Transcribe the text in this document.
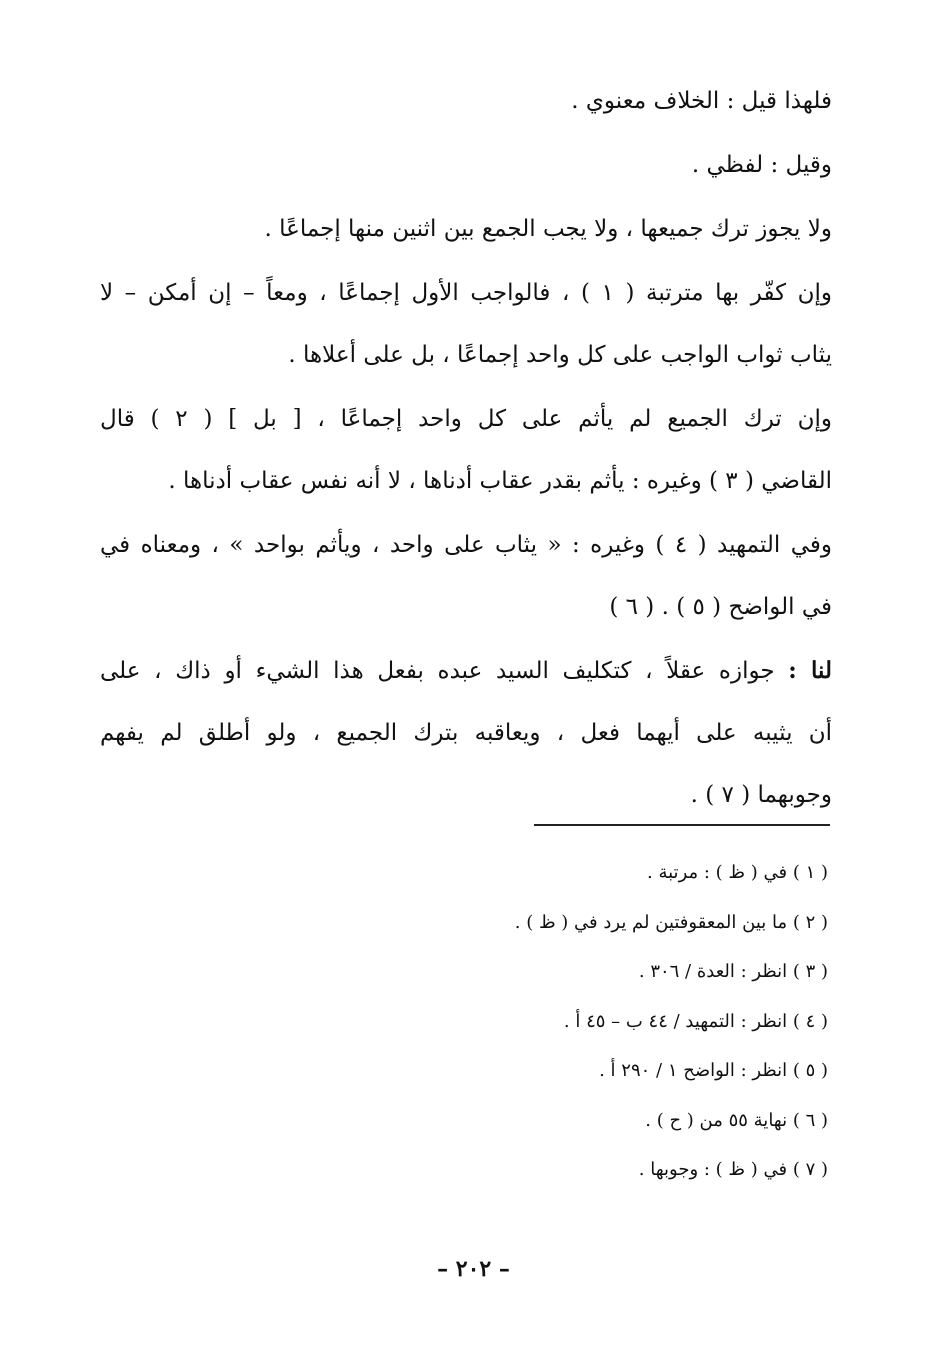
فلهذا قيل : الخلاف معنوي .

وقيل : لفظي .

ولا يجوز ترك جميعها ، ولا يجب الجمع بين اثنين منها إجماعًا .

وإن كفّر بها مترتبة ( ١ ) ، فالواجب الأول إجماعًا ، ومعاً – إن أمكن – لا
يثاب ثواب الواجب على كل واحد إجماعًا ، بل على أعلاها .

وإن ترك الجميع لم يأثم على كل واحد إجماعًا ، [ بل ] ( ٢ ) قال
القاضي ( ٣ ) وغيره : يأثم بقدر عقاب أدناها ، لا أنه نفس عقاب أدناها .

وفي التمهيد ( ٤ ) وغيره : « يثاب على واحد ، ويأثم بواحد » ، ومعناه في
في الواضح ( ٥ ) . ( ٦ )

لنا : جوازه عقلاً ، كتكليف السيد عبده بفعل هذا الشيء أو ذاك ، على
أن يثيبه على أيهما فعل ، ويعاقبه بترك الجميع ، ولو أطلق لم يفهم
وجوبهما ( ٧ ) .

( ١ ) في ( ظ ) : مرتبة .

( ٢ ) ما بين المعقوفتين لم يرد في ( ظ ) .

( ٣ ) انظر : العدة / ٣٠٦ .

( ٤ ) انظر : التمهيد / ٤٤ ب – ٤٥ أ .

( ٥ ) انظر : الواضح ١ / ٢٩٠ أ .

( ٦ ) نهاية ٥٥ من ( ح ) .

( ٧ ) في ( ظ ) : وجوبها .

– ٢٠٢ –
